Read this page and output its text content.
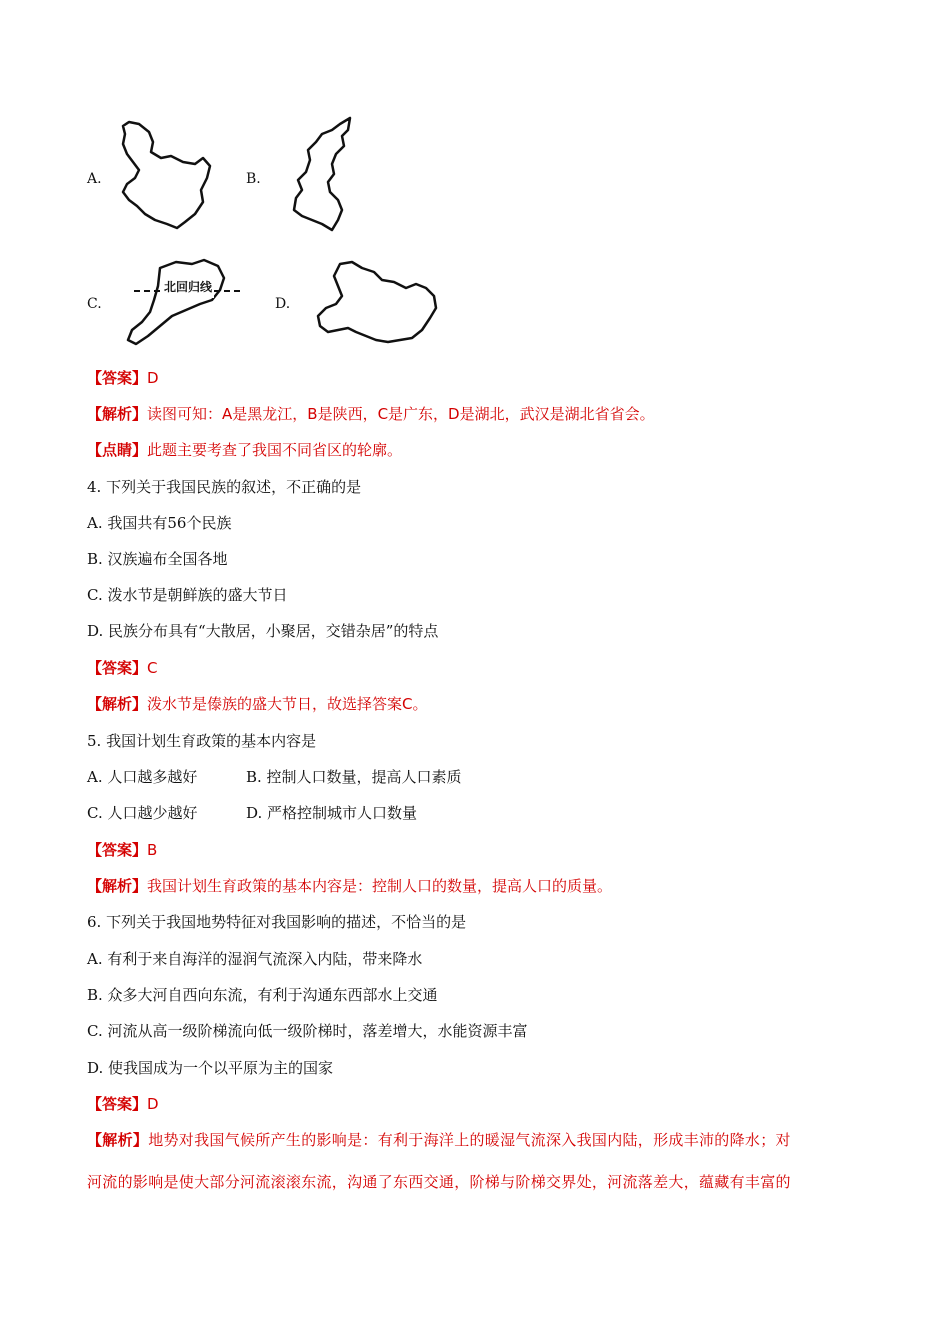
A.	B.
C.
北回归线
D.
【答案】D
【解析】读图可知：A是黑龙江，B是陕西，C是广东，D是湖北，武汉是湖北省省会。
【点睛】此题主要考查了我国不同省区的轮廓。
4. 下列关于我国民族的叙述，不正确的是
A. 我国共有56个民族
B. 汉族遍布全国各地
C. 泼水节是朝鲜族的盛大节日
D. 民族分布具有“大散居，小聚居，交错杂居”的特点
【答案】C
【解析】泼水节是傣族的盛大节日，故选择答案C。
5. 我国计划生育政策的基本内容是
A. 人口越多越好	B. 控制人口数量，提高人口素质
C. 人口越少越好	D. 严格控制城市人口数量
【答案】B
【解析】我国计划生育政策的基本内容是：控制人口的数量，提高人口的质量。
6. 下列关于我国地势特征对我国影响的描述，不恰当的是
A. 有利于来自海洋的湿润气流深入内陆，带来降水
B. 众多大河自西向东流，有利于沟通东西部水上交通
C. 河流从高一级阶梯流向低一级阶梯时，落差增大，水能资源丰富
D. 使我国成为一个以平原为主的国家
【答案】D
【解析】地势对我国气候所产生的影响是：有利于海洋上的暖湿气流深入我国内陆，形成丰沛的降水；对
河流的影响是使大部分河流滚滚东流，沟通了东西交通，阶梯与阶梯交界处，河流落差大，蕴藏有丰富的
